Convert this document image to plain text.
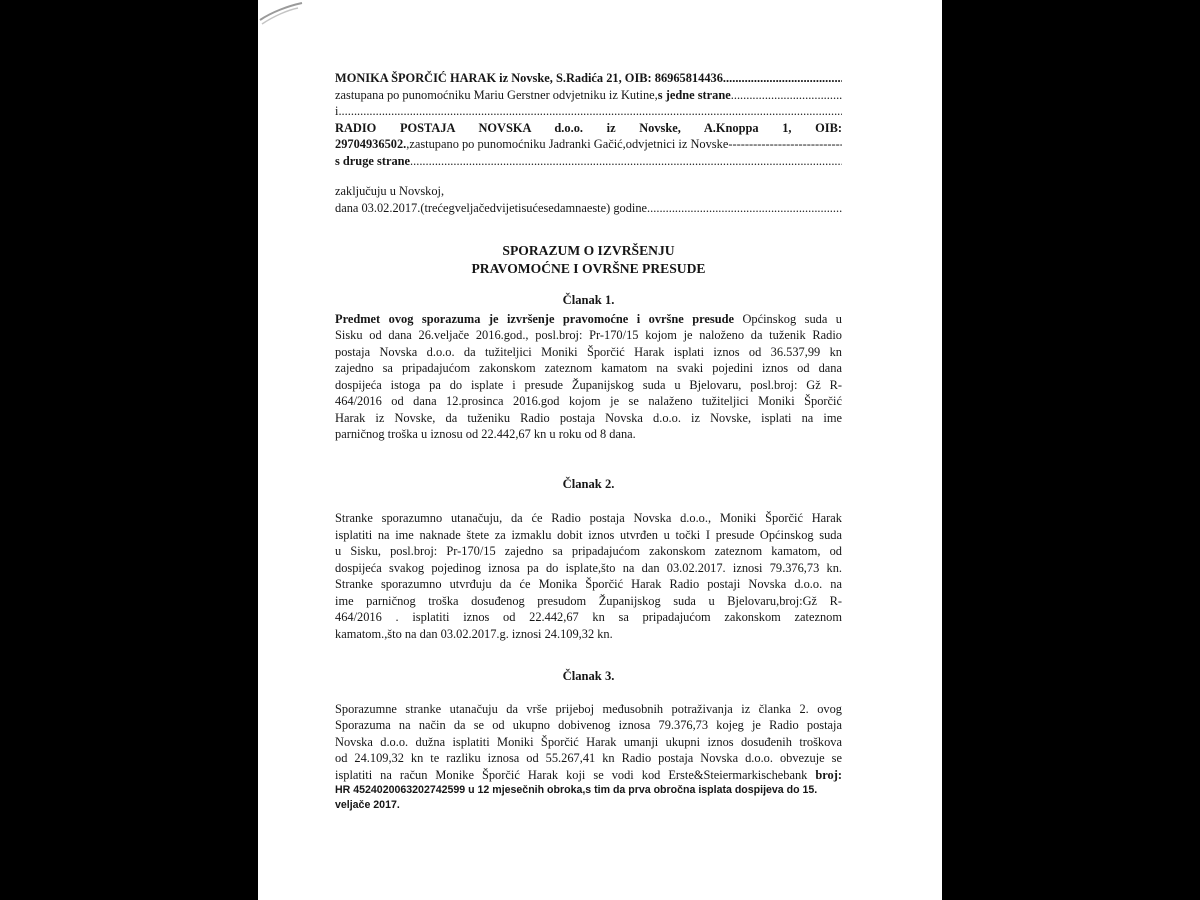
MONIKA ŠPORČIĆ HARAK iz Novske, S.Radića 21, OIB: 86965814436
.....
zastupana po punomoćniku Mariu Gerstner odvjetniku iz Kutine, s jedne strane
.....
i
.....
RADIO POSTAJA NOVSKA d.o.o. iz Novske, A.Knoppa 1, OIB:
29704936502. ,zastupano po punomoćniku Jadranki Gačić,odvjetnici iz Novske
-----
s druge strane
.....
zaključuju u Novskoj,
dana 03.02.2017.(trećegveljačedvijetisućesedamnaeste) godine
.....
SPORAZUM O IZVRŠENJU
PRAVOMOĆNE I OVRŠNE PRESUDE
Članak 1.
Predmet ovog sporazuma je izvršenje pravomoćne i ovršne presude Općinskog suda u
Sisku od dana 26.veljače 2016.god., posl.broj: Pr-170/15 kojom je naloženo da tuženik Radio
postaja Novska d.o.o. da tužiteljici Moniki Šporčić Harak isplati iznos od 36.537,99 kn
zajedno sa pripadajućom zakonskom zateznom kamatom na svaki pojedini iznos od dana
dospijeća istoga pa do isplate i presude Županijskog suda u Bjelovaru, posl.broj: Gž R-
464/2016 od dana 12.prosinca 2016.god kojom je se nalaženo tužiteljici Moniki Šporčić
Harak iz Novske, da tuženiku Radio postaja Novska d.o.o. iz Novske, isplati na ime
parničnog troška u iznosu od 22.442,67 kn u roku od 8 dana.
Članak 2.
Stranke sporazumno utanačuju, da će Radio postaja Novska d.o.o., Moniki Šporčić Harak
isplatiti na ime naknade štete za izmaklu dobit iznos utvrđen u točki I presude Općinskog suda
u Sisku, posl.broj: Pr-170/15 zajedno sa pripadajućom zakonskom zateznom kamatom, od
dospijeća svakog pojedinog iznosa pa do isplate,što na dan 03.02.2017. iznosi 79.376,73 kn.
Stranke sporazumno utvrđuju da će Monika Šporčić Harak Radio postaji Novska d.o.o. na
ime parničnog troška dosuđenog presudom Županijskog suda u Bjelovaru,broj:Gž R-
464/2016 . isplatiti iznos od 22.442,67 kn sa pripadajućom zakonskom zateznom
kamatom.,što na dan 03.02.2017.g. iznosi 24.109,32 kn.
Članak 3.
Sporazumne stranke utanačuju da vrše prijeboj međusobnih potraživanja iz članka 2. ovog
Sporazuma na način da se od ukupno dobivenog iznosa 79.376,73 kojeg je Radio postaja
Novska d.o.o. dužna isplatiti Moniki Šporčić Harak umanji ukupni iznos dosuđenih troškova
od 24.109,32 kn te razliku iznosa od 55.267,41 kn Radio postaja Novska d.o.o. obvezuje se
isplatiti na račun Monike Šporčić Harak koji se vodi kod Erste&Steiermarkischebank broj:
HR 4524020063202742599 u 12 mjesečnih obroka,s tim da prva obročna isplata dospijeva do 15.
veljače 2017.
